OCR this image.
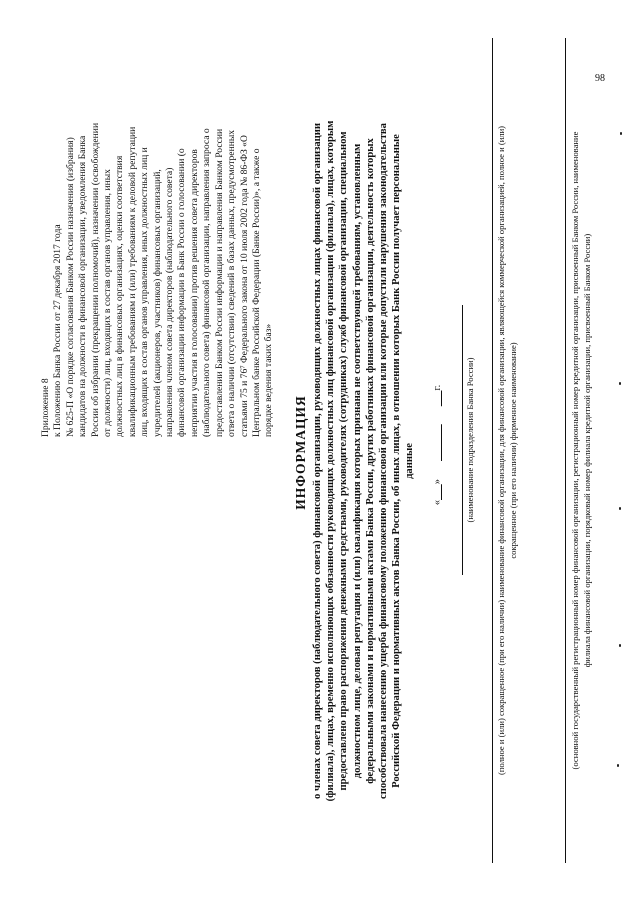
Приложение 8 к Положению Банка России от 27 декабря 2017 года № 625-П «О порядке согласования Банком России назначения (избрания) кандидатов на должности в финансовой организации, уведомления Банка России об избрании (прекращении полномочий), назначении (освобождении от должности) лиц, входящих в состав органов управления, иных должностных лиц в финансовых организациях, оценки соответствия квалификационным требованиям и (или) требованиям к деловой репутации лиц, входящих в состав органов управления, иных должностных лиц и учредителей (акционеров, участников) финансовых организаций, направления членом совета директоров (наблюдательного совета) финансовой организации информации в Банк России о голосовании (о неприятии участия в голосовании) против решения совета директоров (наблюдательного совета) финансовой организации, направления запроса о предоставлении Банком России информации и направления Банком России ответа о наличии (отсутствии) сведений в базах данных, предусмотренных статьями 75 и 76⁷ Федерального закона от 10 июля 2002 года № 86-ФЗ «О Центральном банке Российской Федерации (Банке России)», а также о порядке ведения таких баз»
ИНФОРМАЦИЯ о членах совета директоров (наблюдательного совета) финансовой организации, руководящих должностных лицах финансовой организации (филиала), лицах, временно исполняющих обязанности руководящих должностных лиц финансовой организации (филиала), лицах, которым предоставлено право распоряжения денежными средствами, руководителях (сотрудниках) служб финансовой организации, специальном должностном лице, деловая репутация и (или) квалификация которых признана не соответствующей требованиям, установленным федеральными законами и нормативными актами Банка России, других работниках финансовой организации, деятельность которых способствовала нанесению ущерба финансовому положению финансовой организации или которые допустили нарушения законодательства Российской Федерации и нормативных актов Банка России, об иных лицах, в отношении которых Банк России получает персональные данные
«      »

г.	(наименование подразделения Банка России) (полное и (или) сокращенное (при его наличии) наименование финансовой организации, для финансовой организации, являющейся коммерческой организацией, полное и (или) сокращенное (при его наличии) фирменное наименование)	(основной государственный регистрационный номер финансовой организации, регистрационный номер кредитной организации, присвоенный Банком России, наименование филиала финансовой организации, порядковый номер филиала кредитной организации, присвоенный Банком России)
98
